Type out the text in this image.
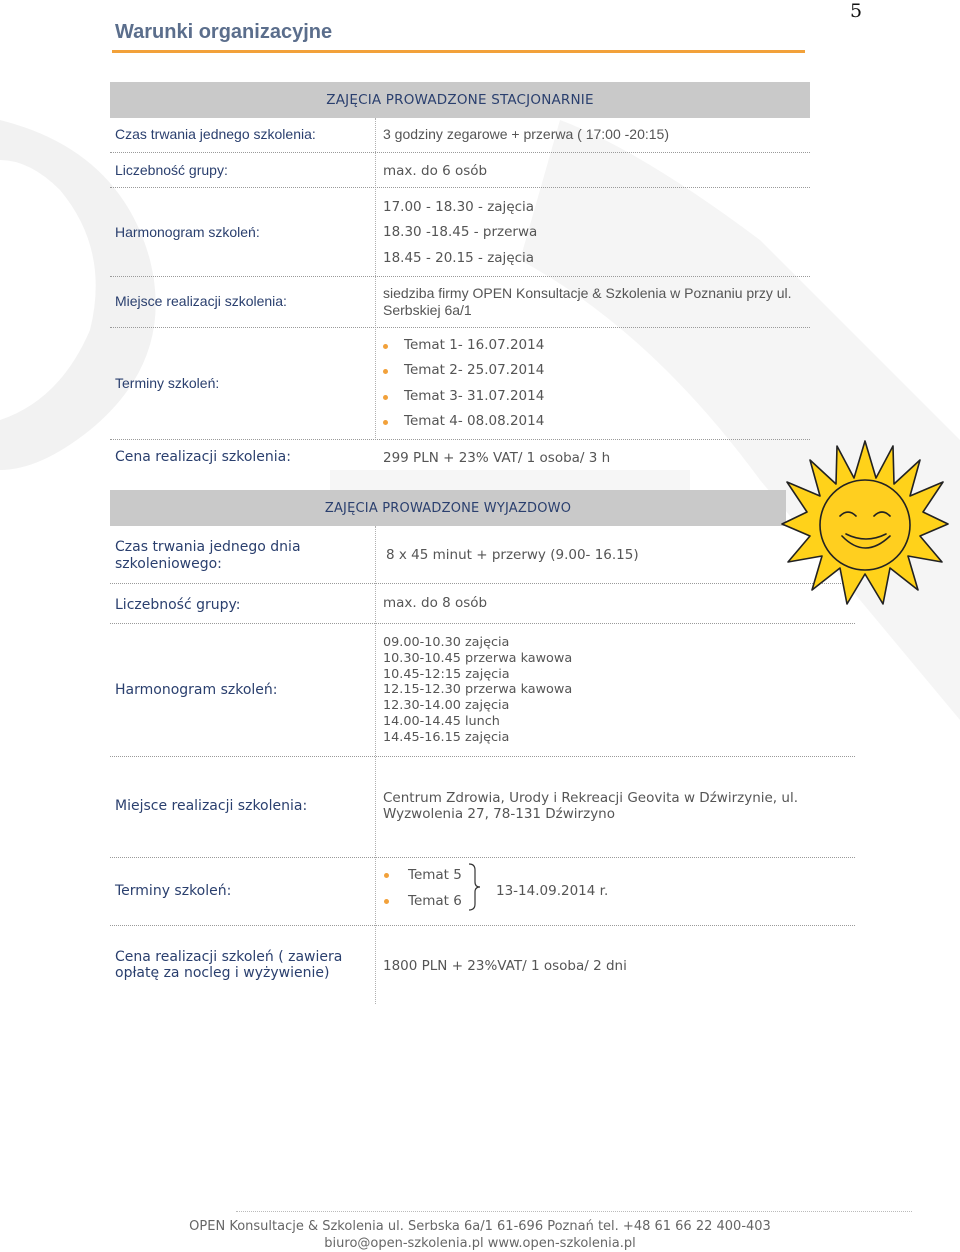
5
Warunki organizacyjne
ZAJĘCIA PROWADZONE STACJONARNIE
Czas trwania jednego szkolenia:	3 godziny zegarowe + przerwa ( 17:00 -20:15)
Liczebność grupy:	max. do 6 osób
Harmonogram szkoleń:
17.00 - 18.30 - zajęcia
18.30 -18.45 - przerwa
18.45 - 20.15 - zajęcia
Miejsce realizacji szkolenia:	siedziba firmy OPEN Konsultacje & Szkolenia w Poznaniu przy ul.
Serbskiej 6a/1
Terminy szkoleń:
Temat 1- 16.07.2014
Temat 2- 25.07.2014
Temat 3- 31.07.2014
Temat 4- 08.08.2014
Cena realizacji szkolenia:	299 PLN + 23% VAT/ 1 osoba/ 3 h
ZAJĘCIA PROWADZONE WYJAZDOWO
Czas trwania jednego dnia
szkoleniowego:
8 x 45 minut + przerwy (9.00- 16.15)
Liczebność grupy:	max. do 8 osób
Harmonogram szkoleń:
09.00-10.30 zajęcia
10.30-10.45 przerwa kawowa
10.45-12:15 zajęcia
12.15-12.30 przerwa kawowa
12.30-14.00 zajęcia
14.00-14.45 lunch
14.45-16.15 zajęcia
Miejsce realizacji szkolenia:	Centrum Zdrowia, Urody i Rekreacji Geovita w Dźwirzynie, ul.
Wyzwolenia 27, 78-131 Dźwirzyno
Terminy szkoleń:
Temat 5
Temat 6
13-14.09.2014 r.
Cena realizacji szkoleń ( zawiera
opłatę za nocleg i wyżywienie)	1800 PLN + 23%VAT/ 1 osoba/ 2 dni
OPEN Konsultacje & Szkolenia ul. Serbska 6a/1 61-696 Poznań tel. +48 61 66 22 400-403
biuro@open-szkolenia.pl www.open-szkolenia.pl
